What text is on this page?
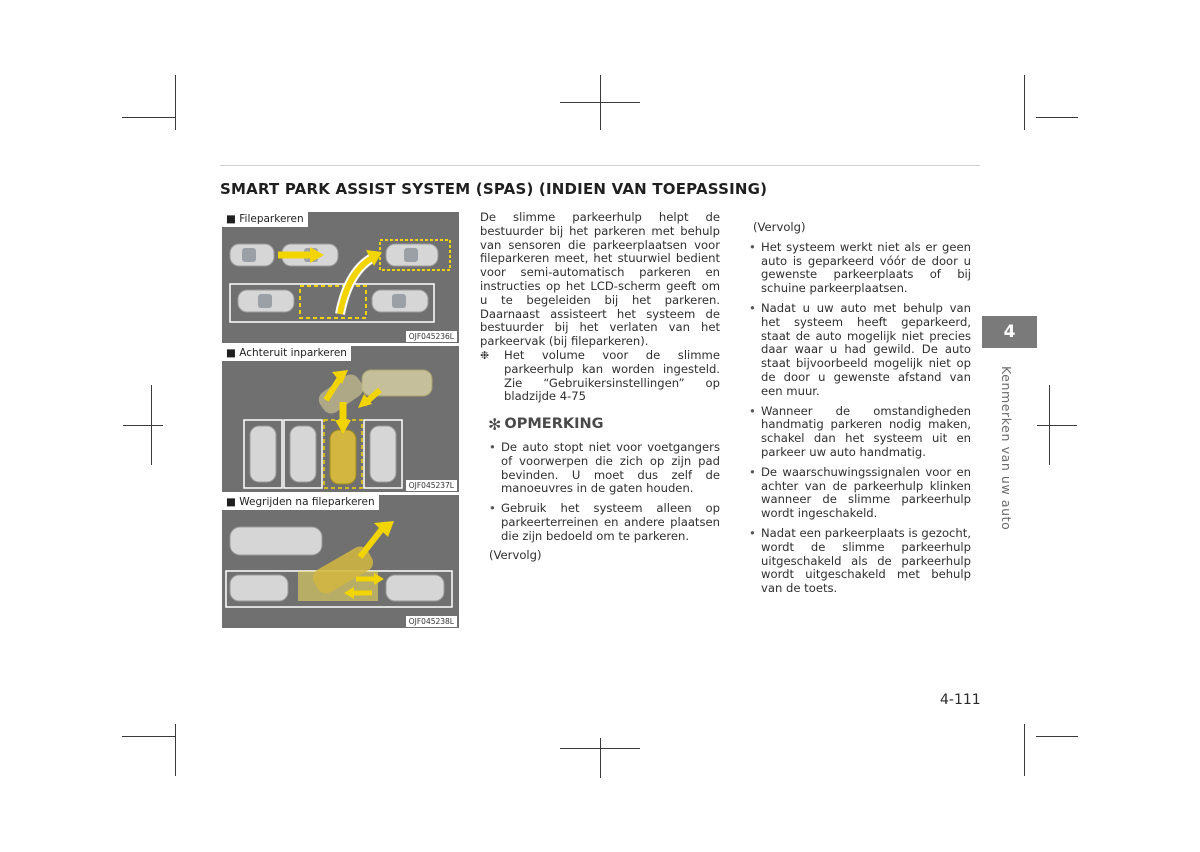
SMART PARK ASSIST SYSTEM (SPAS) (INDIEN VAN TOEPASSING)
■ Fileparkeren
OJF045236L
■ Achteruit inparkeren
OJF045237L
■ Wegrijden na fileparkeren
OJF045238L

De slimme parkeerhulp helpt de bestuurder bij het parkeren met behulp van sensoren die parkeerplaatsen voor fileparkeren meet, het stuurwiel bedient voor semi-automatisch parkeren en instructies op het LCD-scherm geeft om u te begeleiden bij het parkeren. Daarnaast assisteert het systeem de bestuurder bij het verlaten van het parkeervak (bij fileparkeren).

❉ Het volume voor de slimme parkeerhulp kan worden ingesteld. Zie “Gebruikersinstellingen” op bladzijde 4-75
✻ OPMERKING
• De auto stopt niet voor voetgangers of voorwerpen die zich op zijn pad bevinden. U moet dus zelf de manoeuvres in de gaten houden.
• Gebruik het systeem alleen op parkeerterreinen en andere plaatsen die zijn bedoeld om te parkeren.

(Vervolg)

(Vervolg)

• Het systeem werkt niet als er geen auto is geparkeerd vóór de door u gewenste parkeerplaats of bij schuine parkeerplaatsen.
• Nadat u uw auto met behulp van het systeem heeft geparkeerd, staat de auto mogelijk niet precies daar waar u had gewild. De auto staat bijvoorbeeld mogelijk niet op de door u gewenste afstand van een muur.
• Wanneer de omstandigheden handmatig parkeren nodig maken, schakel dan het systeem uit en parkeer uw auto handmatig.
• De waarschuwingssignalen voor en achter van de parkeerhulp klinken wanneer de slimme parkeerhulp wordt ingeschakeld.
• Nadat een parkeerplaats is gezocht, wordt de slimme parkeerhulp uitgeschakeld als de parkeerhulp wordt uitgeschakeld met behulp van de toets.
4
Kenmerken van uw auto
4-111
